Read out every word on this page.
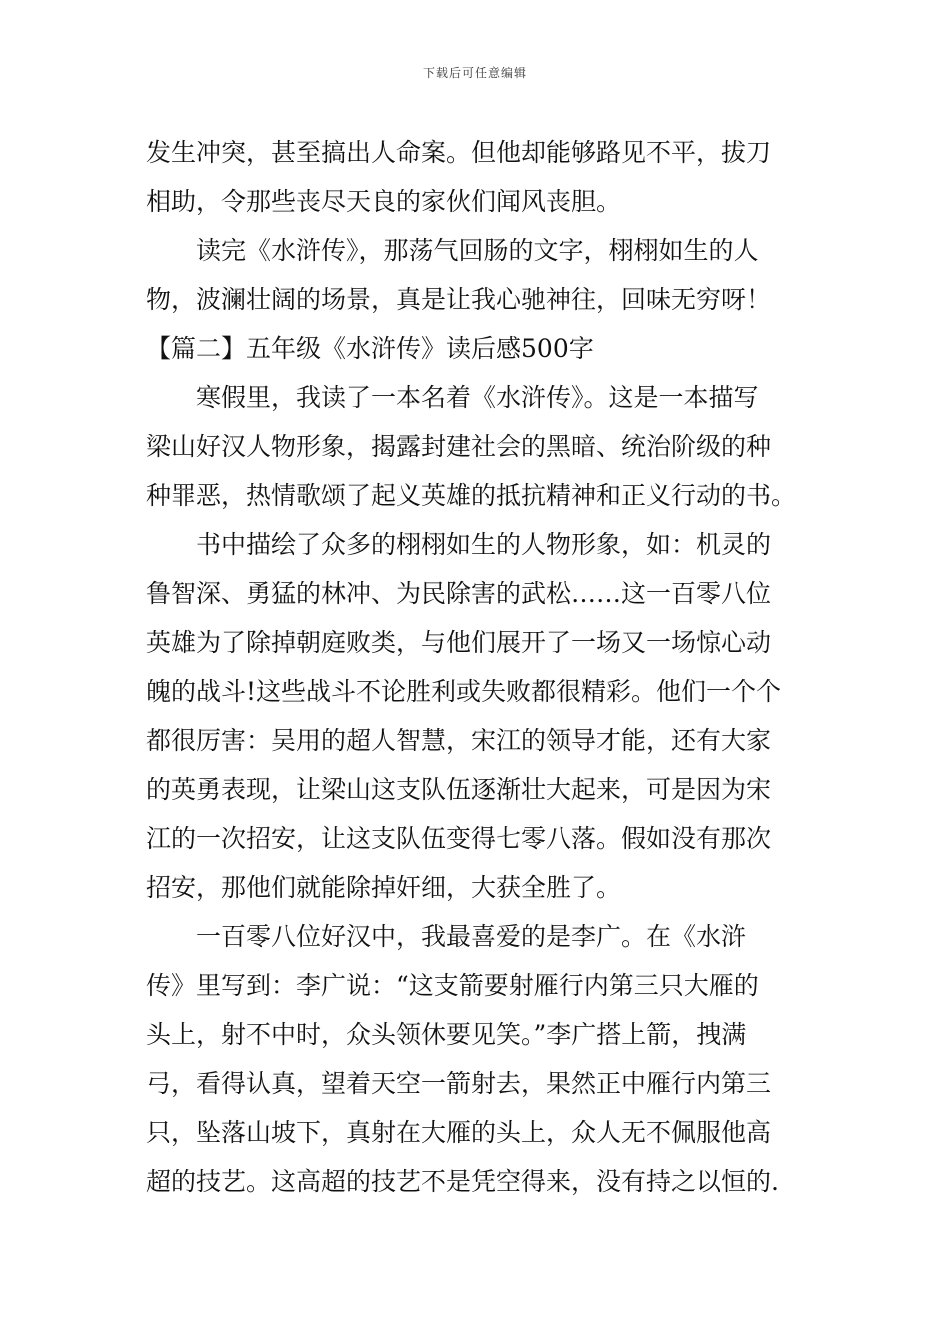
下载后可任意编辑
发生冲突，甚至搞出人命案。但他却能够路见不平，拔刀
相助，令那些丧尽天良的家伙们闻风丧胆。
读完《水浒传》，那荡气回肠的文字，栩栩如生的人
物，波澜壮阔的场景，真是让我心驰神往，回味无穷呀！
【篇二】五年级《水浒传》读后感500字
寒假里，我读了一本名着《水浒传》。这是一本描写
梁山好汉人物形象，揭露封建社会的黑暗、统治阶级的种
种罪恶，热情歌颂了起义英雄的抵抗精神和正义行动的书。
书中描绘了众多的栩栩如生的人物形象，如：机灵的
鲁智深、勇猛的林冲、为民除害的武松……这一百零八位
英雄为了除掉朝庭败类，与他们展开了一场又一场惊心动
魄的战斗!这些战斗不论胜利或失败都很精彩。他们一个个
都很厉害：吴用的超人智慧，宋江的领导才能，还有大家
的英勇表现，让梁山这支队伍逐渐壮大起来，可是因为宋
江的一次招安，让这支队伍变得七零八落。假如没有那次
招安，那他们就能除掉奸细，大获全胜了。
一百零八位好汉中，我最喜爱的是李广。在《水浒
传》里写到：李广说：“这支箭要射雁行内第三只大雁的
头上，射不中时，众头领休要见笑。”李广搭上箭，拽满
弓，看得认真，望着天空一箭射去，果然正中雁行内第三
只，坠落山坡下，真射在大雁的头上，众人无不佩服他高
超的技艺。这高超的技艺不是凭空得来，没有持之以恒的.
